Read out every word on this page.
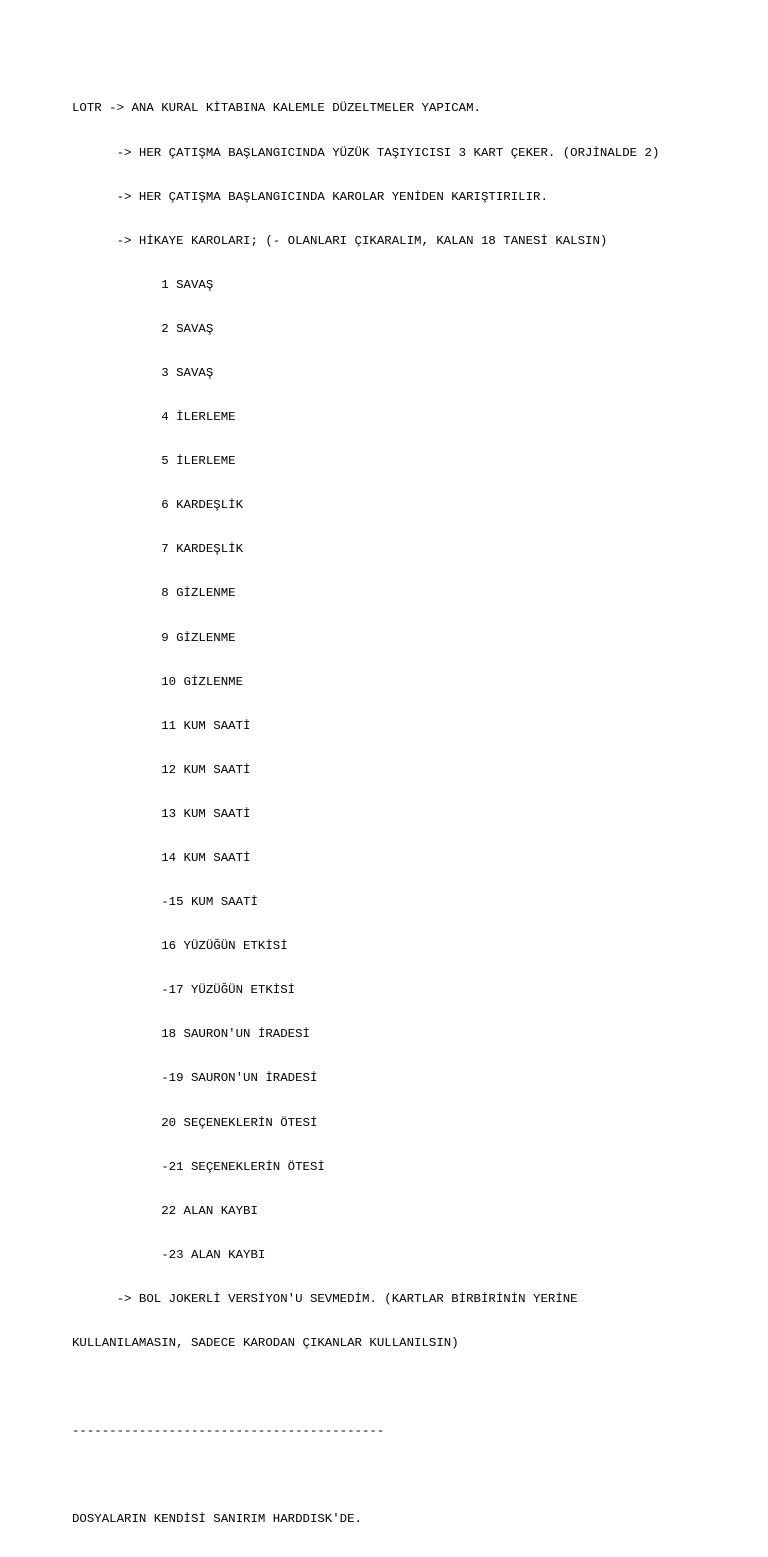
LOTR -> ANA KURAL KİTABINA KALEMLE DÜZELTMELER YAPICAM.

-> HER ÇATIŞMA BAŞLANGICINDA YÜZÜK TAŞIYICISI 3 KART ÇEKER. (ORJİNALDE 2)

-> HER ÇATIŞMA BAŞLANGICINDA KAROLAR YENİDEN KARIŞTIRILIR.

-> HİKAYE KAROLARI; (- OLANLARI ÇIKARALIM, KALAN 18 TANESİ KALSIN)

1 SAVAŞ

2 SAVAŞ

3 SAVAŞ

4 İLERLEME

5 İLERLEME

6 KARDEŞLİK

7 KARDEŞLİK

8 GİZLENME

9 GİZLENME

10 GİZLENME

11 KUM SAATİ

12 KUM SAATİ

13 KUM SAATİ

14 KUM SAATİ

-15 KUM SAATİ

16 YÜZÜĞÜN ETKİSİ

-17 YÜZÜĞÜN ETKİSİ

18 SAURON'UN İRADESİ

-19 SAURON'UN İRADESİ

20 SEÇENEKLERİN ÖTESİ

-21 SEÇENEKLERİN ÖTESİ

22 ALAN KAYBI

-23 ALAN KAYBI

-> BOL JOKERLİ VERSİYON'U SEVMEDİM. (KARTLAR BİRBİRİNİN YERİNE

KULLANILAMASIN, SADECE KARODAN ÇIKANLAR KULLANILSIN)

------------------------------------------

DOSYALARIN KENDİSİ SANIRIM HARDDISK'DE.
